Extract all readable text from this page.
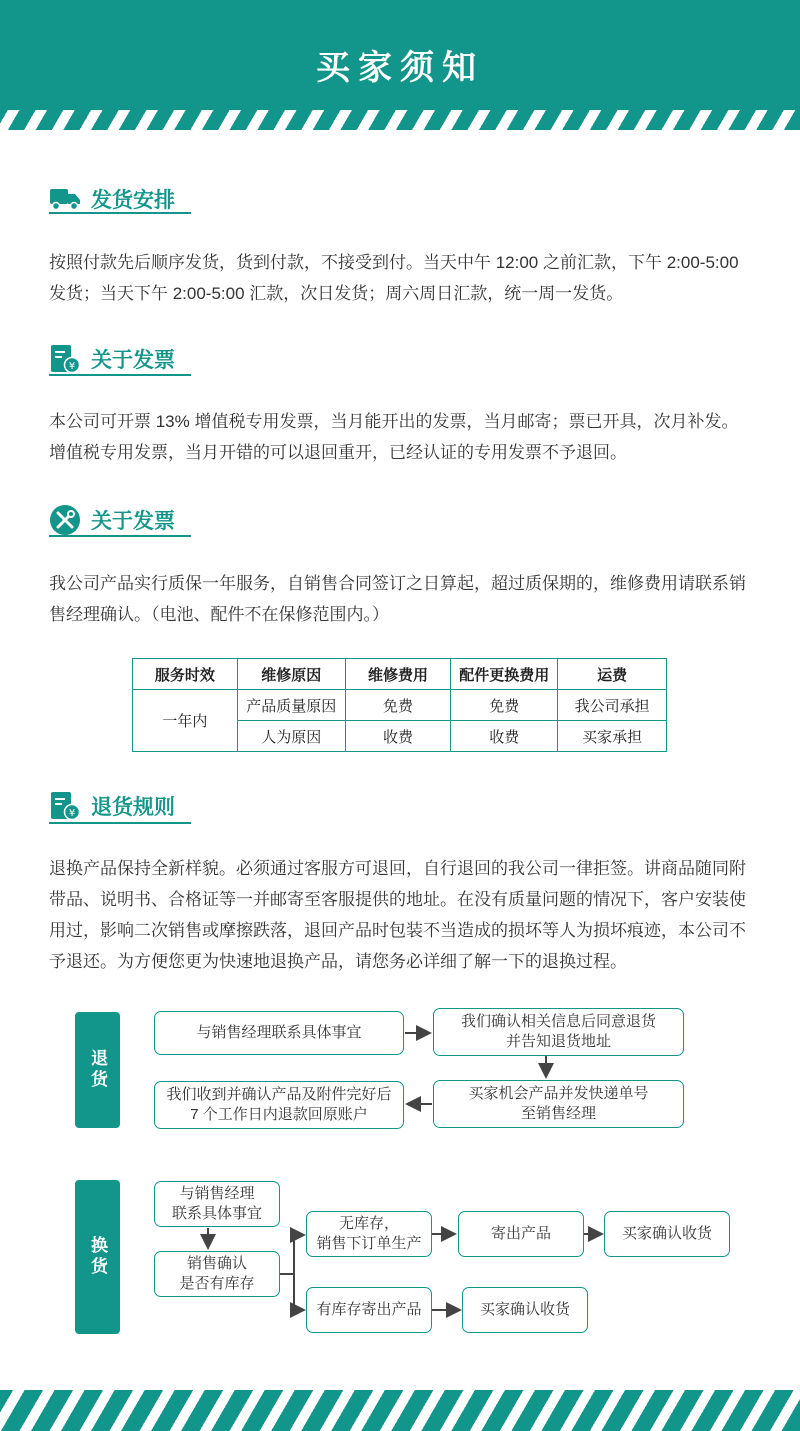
买家须知
发货安排
按照付款先后顺序发货，货到付款，不接受到付。当天中午 12:00 之前汇款，下午 2:00-5:00 发货；当天下午 2:00-5:00 汇款，次日发货；周六周日汇款，统一周一发货。
¥ 关于发票
本公司可开票 13% 增值税专用发票，当月能开出的发票，当月邮寄；票已开具，次月补发。增值税专用发票，当月开错的可以退回重开，已经认证的专用发票不予退回。
关于发票
我公司产品实行质保一年服务，自销售合同签订之日算起，超过质保期的，维修费用请联系销售经理确认。（电池、配件不在保修范围内。）
服务时效	维修原因	维修费用	配件更换费用	运费
一年内	产品质量原因	免费	免费	我公司承担
	人为原因	收费	收费	买家承担
¥ 退货规则
退换产品保持全新样貌。必须通过客服方可退回，自行退回的我公司一律拒签。讲商品随同附带品、说明书、合格证等一并邮寄至客服提供的地址。在没有质量问题的情况下，客户安装使用过，影响二次销售或摩擦跌落，退回产品时包装不当造成的损坏等人为损坏痕迹，本公司不予退还。为方便您更为快速地退换产品，请您务必详细了解一下的退换过程。
退货
与销售经理联系具体事宜
我们确认相关信息后同意退货
并告知退货地址
买家机会产品并发快递单号
至销售经理
我们收到并确认产品及附件完好后
7 个工作日内退款回原账户
换货
与销售经理
联系具体事宜
销售确认
是否有库存
无库存，
销售下订单生产
寄出产品	买家确认收货
有库存寄出产品	买家确认收货
